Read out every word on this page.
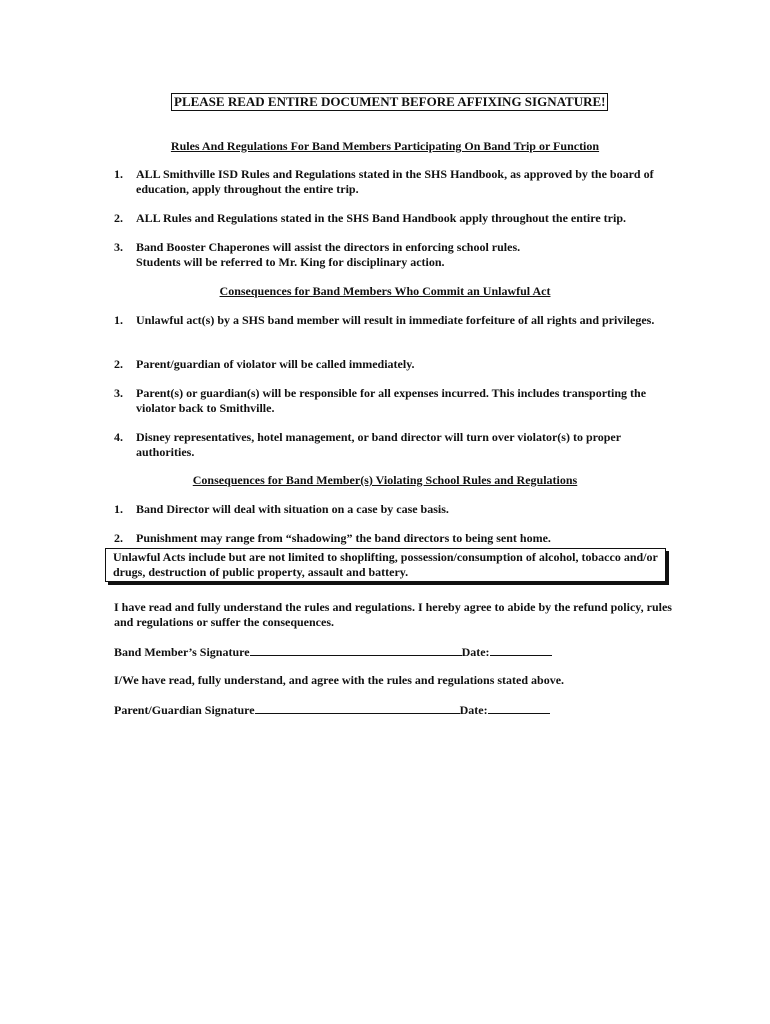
PLEASE READ ENTIRE DOCUMENT BEFORE AFFIXING SIGNATURE!
Rules And Regulations For Band Members Participating On Band Trip or Function
1.	ALL Smithville ISD Rules and Regulations stated in the SHS Handbook, as approved by the board of education, apply throughout the entire trip.
2.	ALL Rules and Regulations stated in the SHS Band Handbook apply throughout the entire trip.
3.	Band Booster Chaperones will assist the directors in enforcing school rules.
Students will be referred to Mr. King for disciplinary action.
Consequences for Band Members Who Commit an Unlawful Act
1.	Unlawful act(s) by a SHS band member will result in immediate forfeiture of all rights and privileges.
2.	Parent/guardian of violator will be called immediately.
3.	Parent(s) or guardian(s) will be responsible for all expenses incurred. This includes transporting the violator back to Smithville.
4.	Disney representatives, hotel management, or band director will turn over violator(s) to proper authorities.
Consequences for Band Member(s) Violating School Rules and Regulations
1.	Band Director will deal with situation on a case by case basis.
2.	Punishment may range from “shadowing” the band directors to being sent home.
Unlawful Acts include but are not limited to shoplifting, possession/consumption of alcohol, tobacco and/or drugs, destruction of public property, assault and battery.
I have read and fully understand the rules and regulations. I hereby agree to abide by the refund policy, rules and regulations or suffer the consequences.
Band Member’s Signature	Date:
I/We have read, fully understand, and agree with the rules and regulations stated above.
Parent/Guardian Signature	Date:
